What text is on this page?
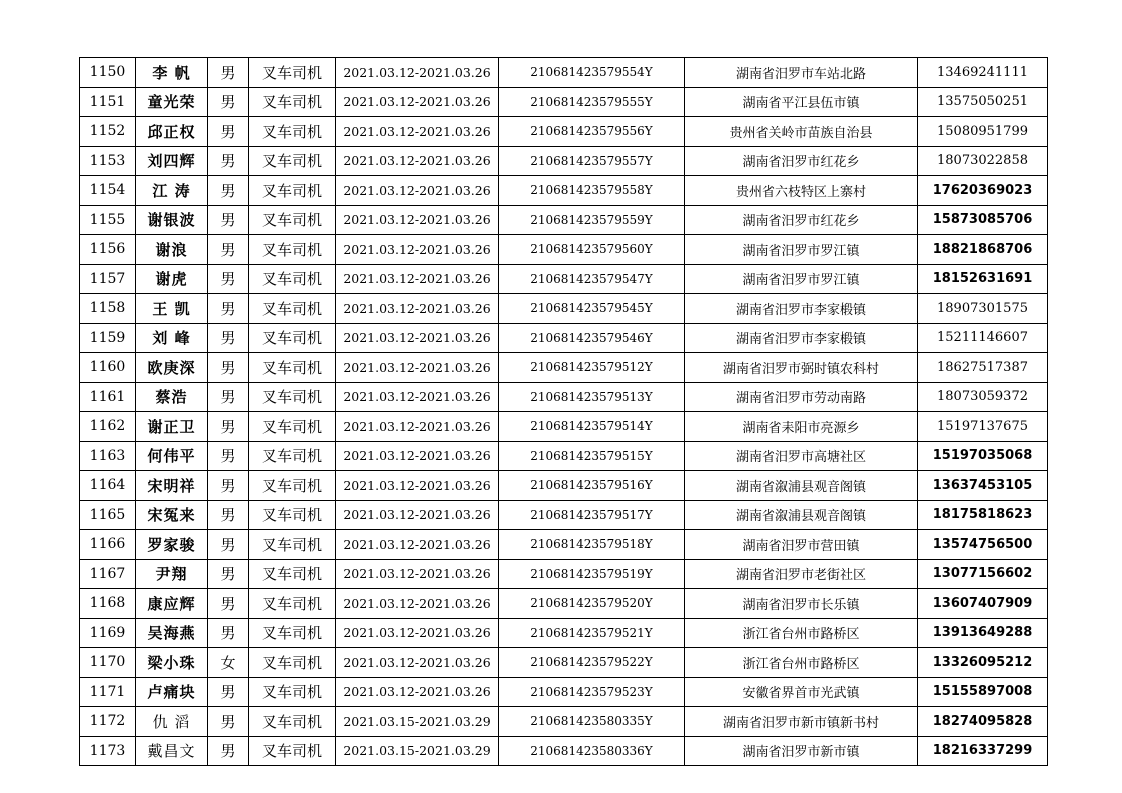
1150	李 帆	男	叉车司机	2021.03.12-2021.03.26	210681423579554Y	湖南省汨罗市车站北路	13469241111
1151	童光荣	男	叉车司机	2021.03.12-2021.03.26	210681423579555Y	湖南省平江县伍市镇	13575050251
1152	邱正权	男	叉车司机	2021.03.12-2021.03.26	210681423579556Y	贵州省关岭市苗族自治县	15080951799
1153	刘四辉	男	叉车司机	2021.03.12-2021.03.26	210681423579557Y	湖南省汨罗市红花乡	18073022858
1154	江 涛	男	叉车司机	2021.03.12-2021.03.26	210681423579558Y	贵州省六枝特区上寨村	17620369023
1155	谢银波	男	叉车司机	2021.03.12-2021.03.26	210681423579559Y	湖南省汨罗市红花乡	15873085706
1156	谢浪	男	叉车司机	2021.03.12-2021.03.26	210681423579560Y	湖南省汨罗市罗江镇	18821868706
1157	谢虎	男	叉车司机	2021.03.12-2021.03.26	210681423579547Y	湖南省汨罗市罗江镇	18152631691
1158	王 凯	男	叉车司机	2021.03.12-2021.03.26	210681423579545Y	湖南省汨罗市李家椴镇	18907301575
1159	刘 峰	男	叉车司机	2021.03.12-2021.03.26	210681423579546Y	湖南省汨罗市李家椴镇	15211146607
1160	欧庚深	男	叉车司机	2021.03.12-2021.03.26	210681423579512Y	湖南省汨罗市弼时镇农科村	18627517387
1161	蔡浩	男	叉车司机	2021.03.12-2021.03.26	210681423579513Y	湖南省汨罗市劳动南路	18073059372
1162	谢正卫	男	叉车司机	2021.03.12-2021.03.26	210681423579514Y	湖南省耒阳市亮源乡	15197137675
1163	何伟平	男	叉车司机	2021.03.12-2021.03.26	210681423579515Y	湖南省汨罗市高塘社区	15197035068
1164	宋明祥	男	叉车司机	2021.03.12-2021.03.26	210681423579516Y	湖南省溆浦县观音阁镇	13637453105
1165	宋冤来	男	叉车司机	2021.03.12-2021.03.26	210681423579517Y	湖南省溆浦县观音阁镇	18175818623
1166	罗家骏	男	叉车司机	2021.03.12-2021.03.26	210681423579518Y	湖南省汨罗市营田镇	13574756500
1167	尹翔	男	叉车司机	2021.03.12-2021.03.26	210681423579519Y	湖南省汨罗市老街社区	13077156602
1168	康应辉	男	叉车司机	2021.03.12-2021.03.26	210681423579520Y	湖南省汨罗市长乐镇	13607407909
1169	吴海燕	男	叉车司机	2021.03.12-2021.03.26	210681423579521Y	浙江省台州市路桥区	13913649288
1170	梁小珠	女	叉车司机	2021.03.12-2021.03.26	210681423579522Y	浙江省台州市路桥区	13326095212
1171	卢痛块	男	叉车司机	2021.03.12-2021.03.26	210681423579523Y	安徽省界首市光武镇	15155897008
1172	仇 滔	男	叉车司机	2021.03.15-2021.03.29	210681423580335Y	湖南省汨罗市新市镇新书村	18274095828
1173	戴昌文	男	叉车司机	2021.03.15-2021.03.29	210681423580336Y	湖南省汨罗市新市镇	18216337299
